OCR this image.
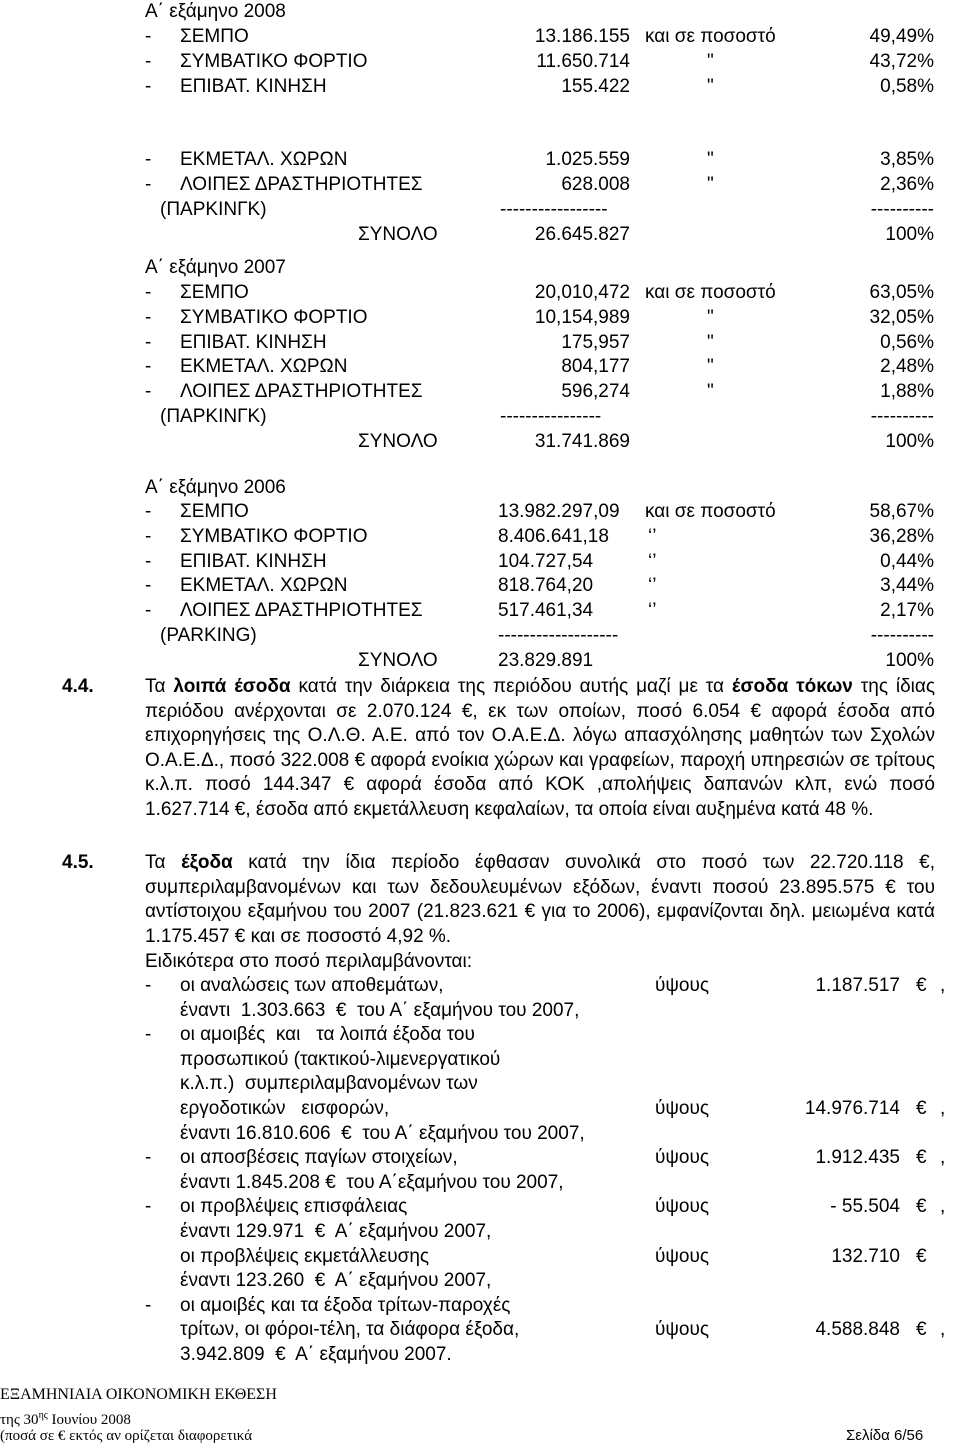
Α΄ εξάμηνο 2008
- ΣΕΜΠΟ	13.186.155 και σε ποσοστό	49,49%
- ΣΥΜΒΑΤΙΚΟ ΦΟΡΤΙΟ	11.650.714	"	43,72%
- ΕΠΙΒΑΤ. ΚΙΝΗΣΗ	155.422	"	0,58%
- ΕΚΜΕΤΑΛ. ΧΩΡΩΝ	1.025.559	"	3,85%
- ΛΟΙΠΕΣ ΔΡΑΣΤΗΡΙΟΤΗΤΕΣ	628.008	"	2,36%
(ΠΑΡΚΙΝΓΚ)	-----------------	----------
ΣΥΝΟΛΟ	26.645.827	100%
Α΄ εξάμηνο 2007
- ΣΕΜΠΟ	20,010,472 και σε ποσοστό	63,05%
- ΣΥΜΒΑΤΙΚΟ ΦΟΡΤΙΟ	10,154,989	"	32,05%
- ΕΠΙΒΑΤ. ΚΙΝΗΣΗ	175,957	"	0,56%
- ΕΚΜΕΤΑΛ. ΧΩΡΩΝ	804,177	"	2,48%
- ΛΟΙΠΕΣ ΔΡΑΣΤΗΡΙΟΤΗΤΕΣ	596,274	"	1,88%
(ΠΑΡΚΙΝΓΚ)	----------------	----------
ΣΥΝΟΛΟ	31.741.869	100%
Α΄ εξάμηνο 2006
- ΣΕΜΠΟ	13.982.297,09 και σε ποσοστό	58,67%
- ΣΥΜΒΑΤΙΚΟ ΦΟΡΤΙΟ	8.406.641,18 ‘’	36,28%
- ΕΠΙΒΑΤ. ΚΙΝΗΣΗ	104.727,54	‘’	0,44%
- ΕΚΜΕΤΑΛ. ΧΩΡΩΝ	818.764,20	‘’	3,44%
- ΛΟΙΠΕΣ ΔΡΑΣΤΗΡΙΟΤΗΤΕΣ	517.461,34	‘’	2,17%
(PARKING)	-------------------	----------
ΣΥΝΟΛΟ	23.829.891	100%
4.4.	Τα λοιπά έσοδα κατά την διάρκεια της περιόδου αυτής μαζί με τα έσοδα τόκων της ίδιας περιόδου ανέρχονται σε 2.070.124 €, εκ των οποίων, ποσό 6.054 € αφορά έσοδα από επιχορηγήσεις της Ο.Λ.Θ. Α.Ε. από τον Ο.Α.Ε.Δ. λόγω απασχόλησης μαθητών των Σχολών Ο.Α.Ε.Δ., ποσό 322.008 € αφορά ενοίκια χώρων και γραφείων, παροχή υπηρεσιών σε τρίτους κ.λ.π. ποσό 144.347 € αφορά έσοδα από ΚΟΚ ,απολήψεις δαπανών κλπ, ενώ ποσό 1.627.714 €, έσοδα από εκμετάλλευση κεφαλαίων, τα οποία είναι αυξημένα κατά 48 %.
4.5.	Τα έξοδα κατά την ίδια περίοδο έφθασαν συνολικά στο ποσό των 22.720.118 €, συμπεριλαμβανομένων και των δεδουλευμένων εξόδων, έναντι ποσού 23.895.575 € του αντίστοιχου εξαμήνου του 2007 (21.823.621 € για το 2006), εμφανίζονται δηλ. μειωμένα κατά 1.175.457 € και σε ποσοστό 4,92 %.
Ειδικότερα στο ποσό περιλαμβάνονται:
- οι αναλώσεις των αποθεμάτων,	ύψους	1.187.517 € ,
έναντι  1.303.663  €  του Α΄ εξαμήνου του 2007,
- οι αμοιβές  και   τα λοιπά έξοδα του
προσωπικού (τακτικού-λιμενεργατικού
κ.λ.π.)  συμπεριλαμβανομένων των
εργοδοτικών   εισφορών,	ύψους	14.976.714 € ,
έναντι 16.810.606  €  του Α΄ εξαμήνου του 2007,
- οι αποσβέσεις παγίων στοιχείων,	ύψους	1.912.435 € ,
έναντι 1.845.208 €  του Α΄εξαμήνου του 2007,
- οι προβλέψεις επισφάλειας	ύψους	- 55.504 € ,
έναντι 129.971  €  Α΄ εξαμήνου 2007,
οι προβλέψεις εκμετάλλευσης	ύψους	132.710 €
έναντι 123.260  €  Α΄ εξαμήνου 2007,
- οι αμοιβές και τα έξοδα τρίτων-παροχές
τρίτων, οι φόροι-τέλη, τα διάφορα έξοδα,	ύψους	4.588.848 € ,
3.942.809  €  Α΄ εξαμήνου 2007.
ΕΞΑΜΗΝΙΑΙΑ ΟΙΚΟΝΟΜΙΚΗ ΕΚΘΕΣΗ
της $30^{\eta\varsigma}$ Ιουνίου 2008
(ποσά σε € εκτός αν ορίζεται διαφορετικά	Σελίδα 6/56
